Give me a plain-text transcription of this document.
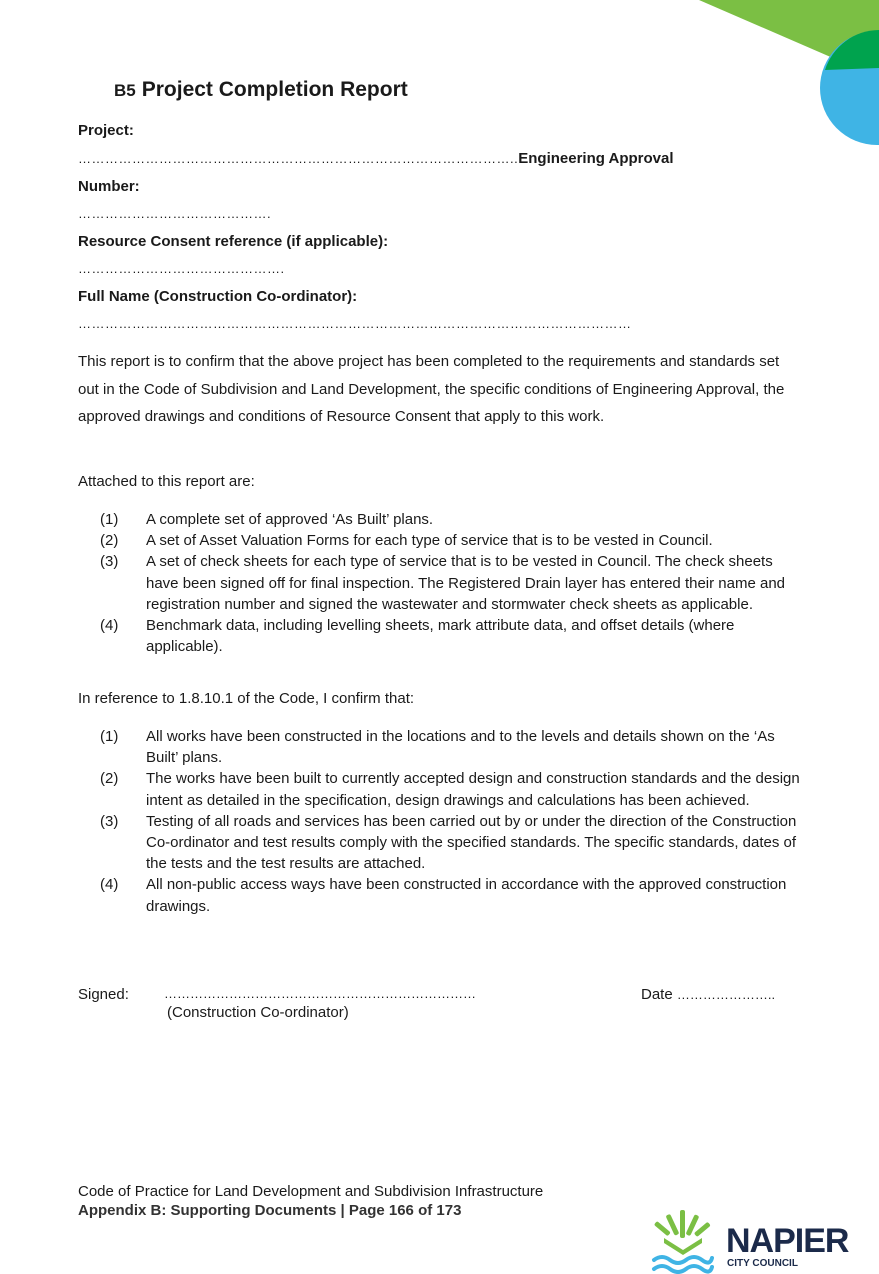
B5 Project Completion Report
Project:
……………………………………………………………………………………..Engineering Approval
Number:
…………………………………….
Resource Consent reference (if applicable):
……………………………………….
Full Name (Construction Co-ordinator):
……………………………………………………………………………………………………………
This report is to confirm that the above project has been completed to the requirements and standards set out in the Code of Subdivision and Land Development, the specific conditions of Engineering Approval, the approved drawings and conditions of Resource Consent that apply to this work.
Attached to this report are:
(1)	A complete set of approved ‘As Built’ plans.
(2)	A set of Asset Valuation Forms for each type of service that is to be vested in Council.
(3)	A set of check sheets for each type of service that is to be vested in Council. The check sheets have been signed off for final inspection. The Registered Drain layer has entered their name and registration number and signed the wastewater and stormwater check sheets as applicable.
(4)	Benchmark data, including levelling sheets, mark attribute data, and offset details (where applicable).
In reference to 1.8.10.1 of the Code, I confirm that:
(1)	All works have been constructed in the locations and to the levels and details shown on the ‘As Built’ plans.
(2)	The works have been built to currently accepted design and construction standards and the design intent as detailed in the specification, design drawings and calculations has been achieved.
(3)	Testing of all roads and services has been carried out by or under the direction of the Construction Co-ordinator and test results comply with the specified standards. The specific standards, dates of the tests and the test results are attached.
(4)	All non-public access ways have been constructed in accordance with the approved construction drawings.
Signed:	………………………………………………………………
(Construction Co-ordinator)
Date …………………..
Code of Practice for Land Development and Subdivision Infrastructure
Appendix B: Supporting Documents | Page 166 of 173
NAPIER
CITY COUNCIL
